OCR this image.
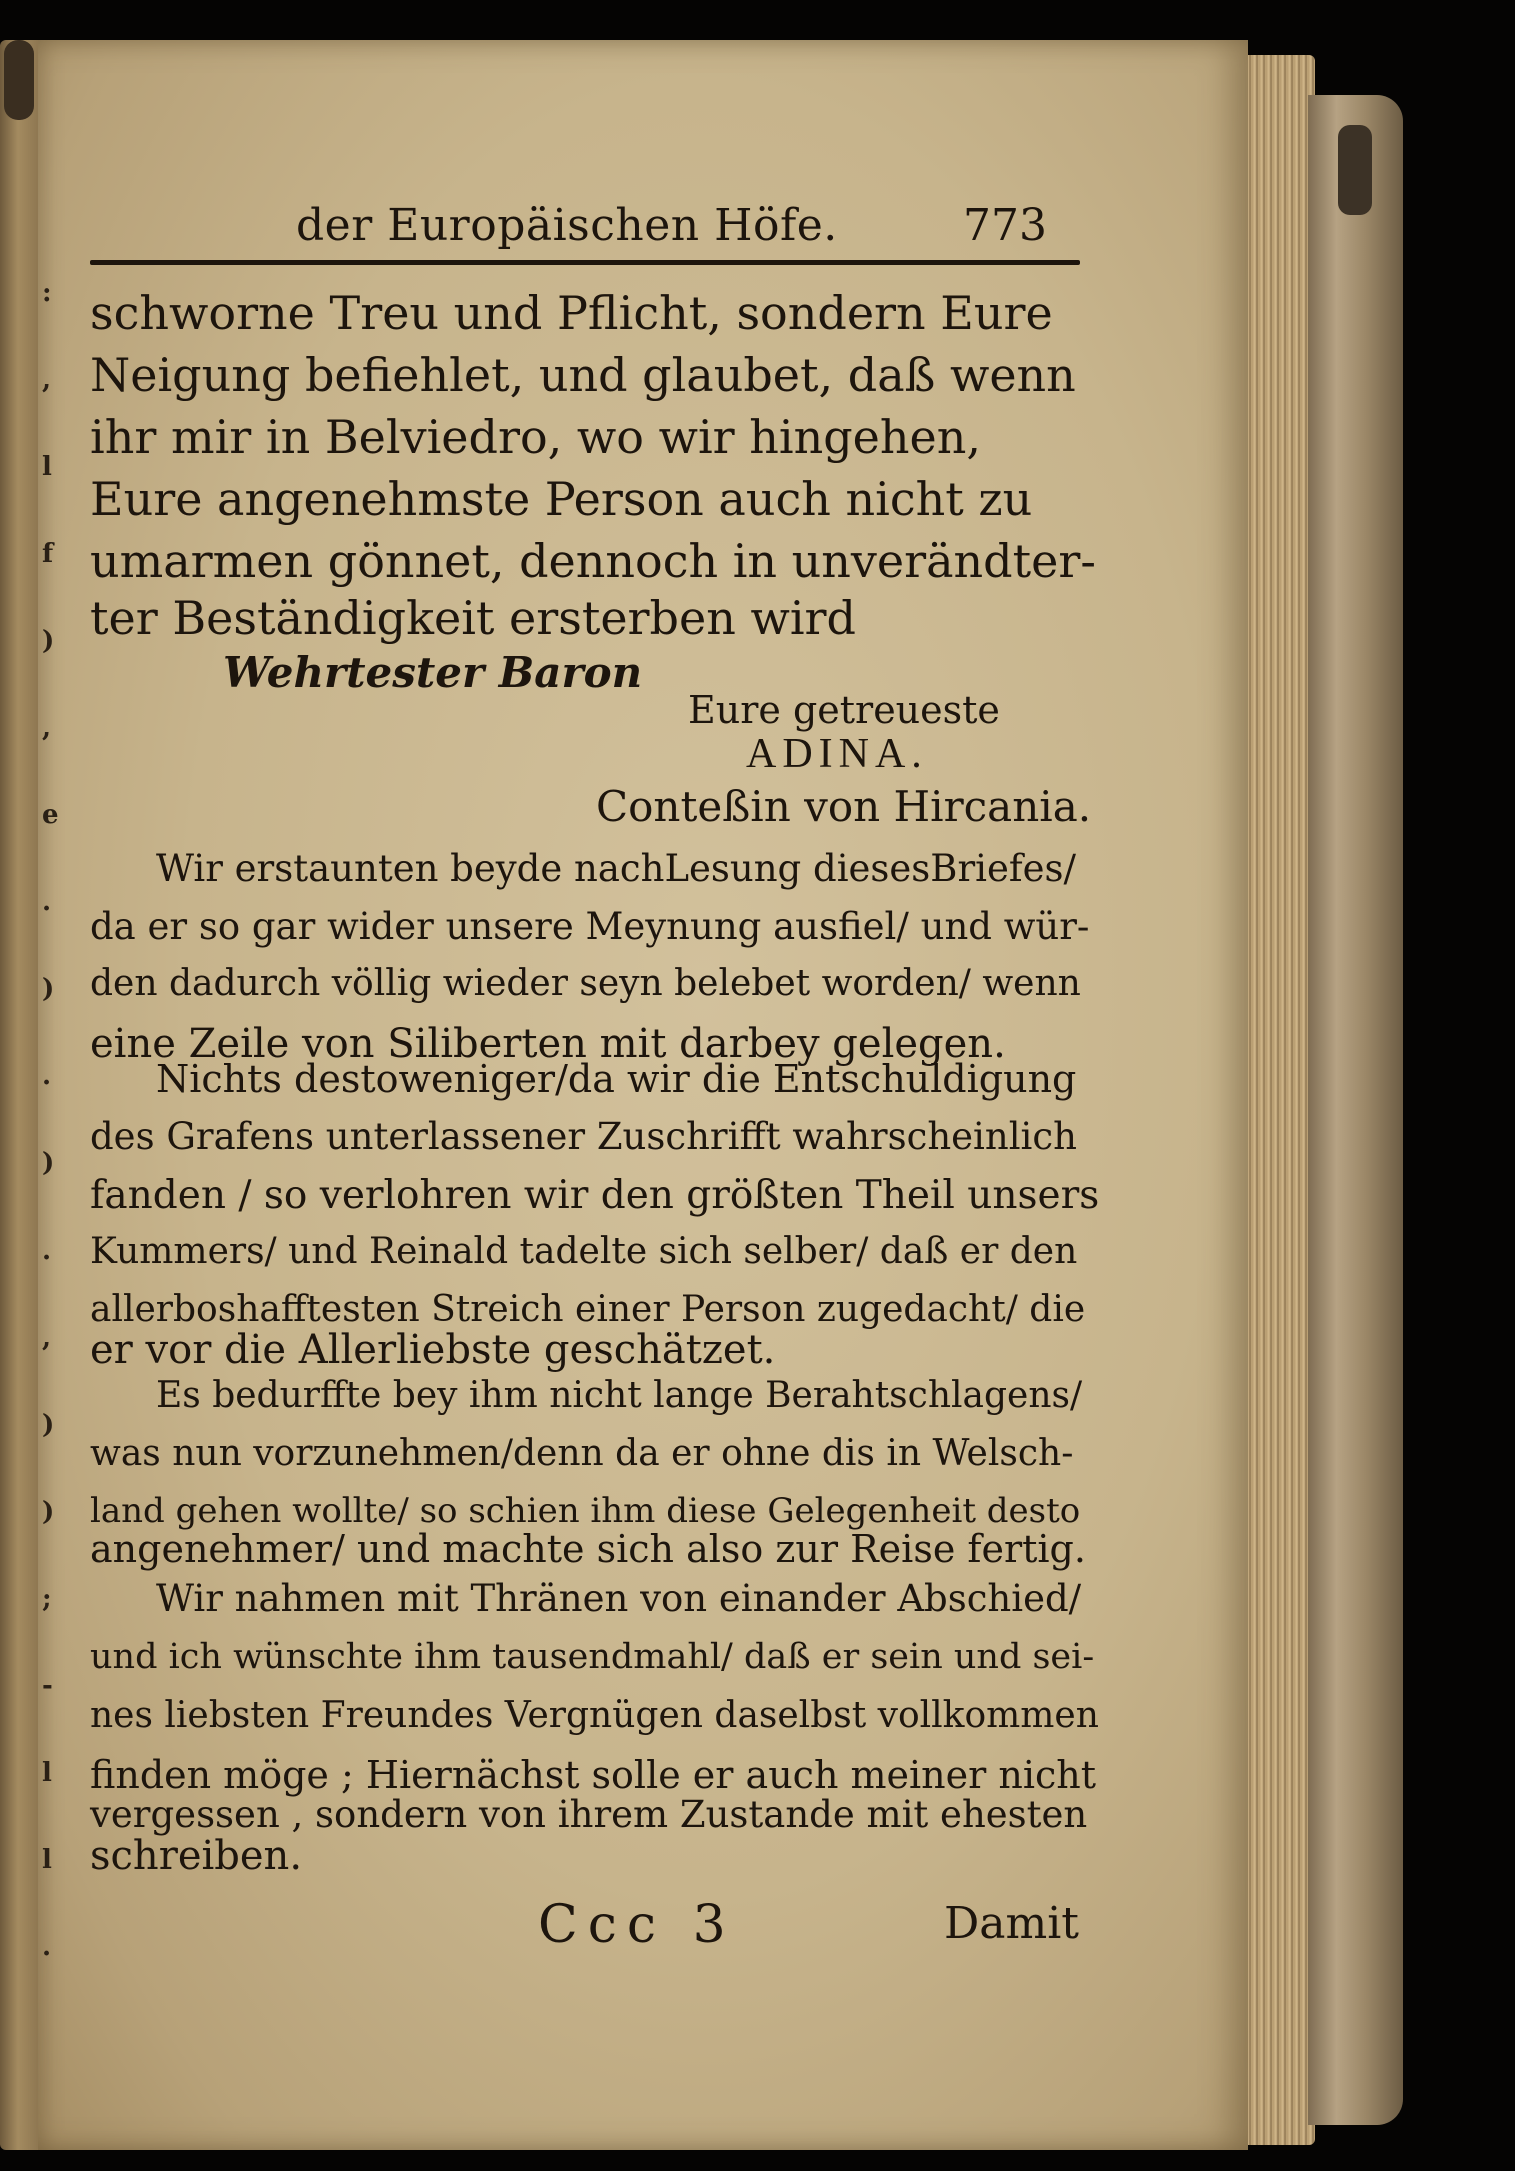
:
,
l
f
)
,
e
.
)
.
)
.
,
)
)
;
-
l
l
.
der Europäischen Höfe.	773
schworne Treu und Pflicht, sondern Eure
Neigung befiehlet, und glaubet, daß wenn
ihr mir in Belviedro, wo wir hingehen,
Eure angenehmste Person auch nicht zu
umarmen gönnet, dennoch in unverändter-
ter Beständigkeit ersterben wird
Wehrtester Baron
Eure getreueste
ADINA.
Conteßin von Hircania.
Wir erstaunten beyde nachLesung diesesBriefes/
da er so gar wider unsere Meynung ausfiel/ und wür-
den dadurch völlig wieder seyn belebet worden/ wenn
eine Zeile von Siliberten mit darbey gelegen.
Nichts destoweniger/da wir die Entschuldigung
des Grafens unterlassener Zuschrifft wahrscheinlich
fanden / so verlohren wir den größten Theil unsers
Kummers/ und Reinald tadelte sich selber/ daß er den
allerboshafftesten Streich einer Person zugedacht/ die
er vor die Allerliebste geschätzet.
Es bedurffte bey ihm nicht lange Berahtschlagens/
was nun vorzunehmen/denn da er ohne dis in Welsch-
land gehen wollte/ so schien ihm diese Gelegenheit desto
angenehmer/ und machte sich also zur Reise fertig.
Wir nahmen mit Thränen von einander Abschied/
und ich wünschte ihm tausendmahl/ daß er sein und sei-
nes liebsten Freundes Vergnügen daselbst vollkommen
finden möge ; Hiernächst solle er auch meiner nicht
vergessen , sondern von ihrem Zustande mit ehesten
schreiben.
Ccc 3	Damit
